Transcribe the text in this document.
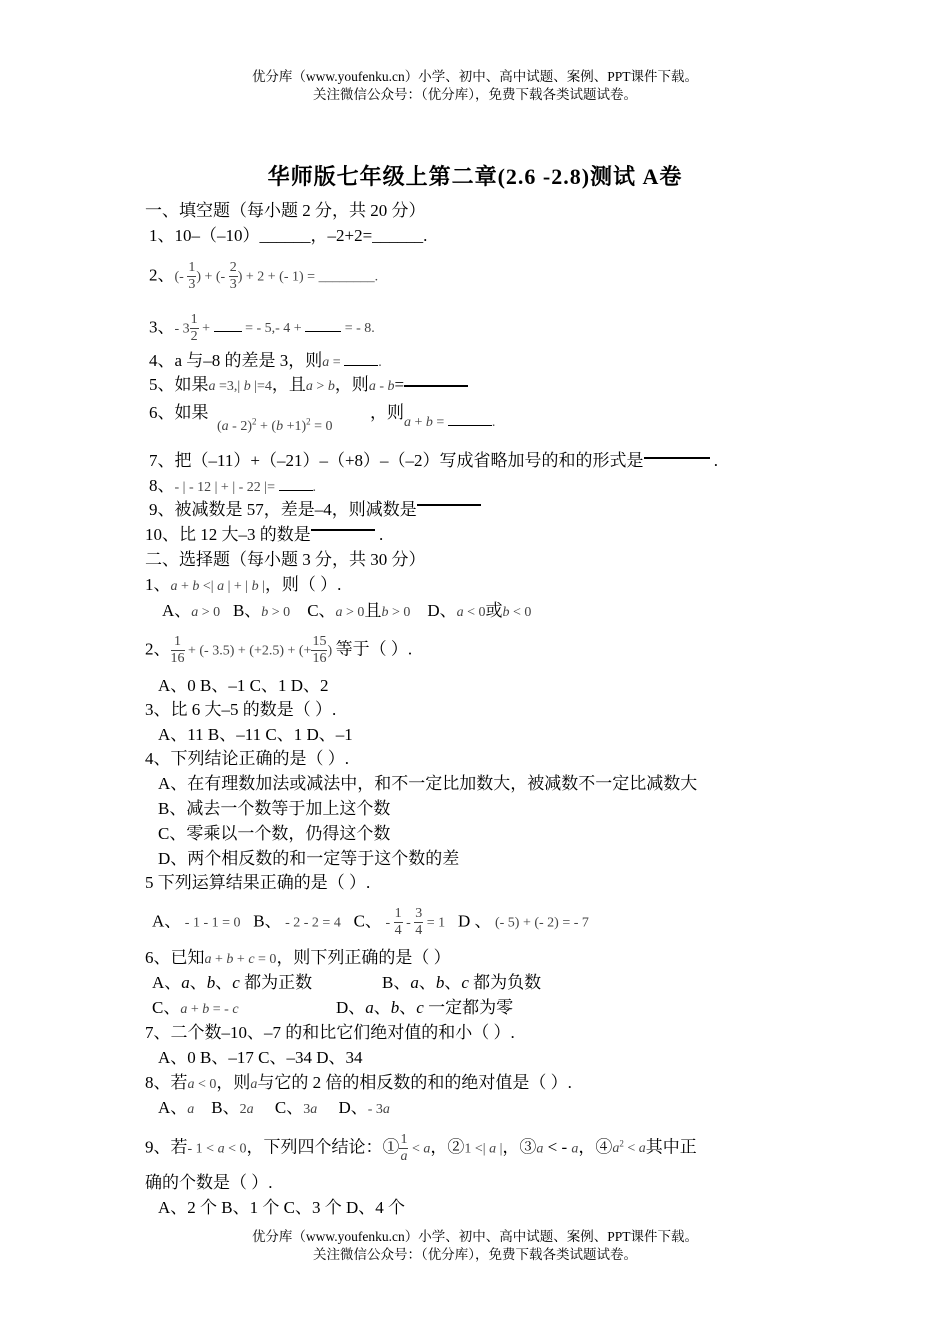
优分库（www.youfenku.cn）小学、初中、高中试题、案例、PPT课件下载。
关注微信公众号：（优分库），免费下载各类试题试卷。
华师版七年级上第二章(2.6 -2.8)测试 A卷
一、填空题（每小题 2 分，共 20 分）
1、10–（–10）______，–2+2=______.
2、(- $\frac{1}{3}$ ) + (- $\frac{2}{3}$ ) + 2 + (- 1) = ________.
3、- $3 \frac{1}{2}$ +  = - 5,- 4 +	= - 8.
4、a 与–8 的差是 3，则a = .
5、如果a =3,| b |=4，且a > b，则a - b=
6、如果
$(a - 2)^2 + (b +1)^2 = 0$
，则$_{a + b = .}$
7、把（–11）+（–21）–（+8）–（–2）写成省略加号的和的形式是	.
8、- | - 12 | + | - 22 |= .
9、被减数是 57，差是–4，则减数是
10、比 12 大–3 的数是	.
二、选择题（每小题 3 分，共 30 分）
1、a + b <| a | + | b |，则（ ）.
A、a > 0 B、b > 0 C、a > 0且b > 0 D、a < 0或b < 0
2、 $\frac{1}{16}$ + (- 3.5) + (+2.5) + (+ $\frac{15}{16}$ ) 等于（ ）.
A、0 B、–1 C、1 D、2
3、比 6 大–5 的数是（ ）.
A、11 B、–11 C、1 D、–1
4、下列结论正确的是（ ）.
A、在有理数加法或减法中，和不一定比加数大，被减数不一定比减数大
B、减去一个数等于加上这个数
C、零乘以一个数，仍得这个数
D、两个相反数的和一定等于这个数的差
5 下列运算结果正确的是（ ）.
A、 - 1 - 1 = 0 B、 - 2 - 2 = 4 C、 - $\frac{1}{4} - \frac{3}{4} = 1$ D 、 (- 5) + (- 2) = - 7
6、已知a + b + c = 0，则下列正确的是（ ）
A、a、b、c 都为正数	B、a、b、c 都为负数
C、a + b = - c	D、a、b、c 一定都为零
7、二个数–10、–7 的和比它们绝对值的和小（ ）.
A、0 B、–17 C、–34 D、34
8、若a < 0，则a与它的 2 倍的相反数的和的绝对值是（ ）.
A、a B、2a C、3a D、- 3a
9、若- 1 < a < 0，下列四个结论：① $\frac{1}{a} < a$，②1 <| a |，③a < - a，$④a^2 < a$其中正
确的个数是（ ）.
A、2 个 B、1 个 C、3 个 D、4 个
优分库（www.youfenku.cn）小学、初中、高中试题、案例、PPT课件下载。
关注微信公众号：（优分库），免费下载各类试题试卷。
